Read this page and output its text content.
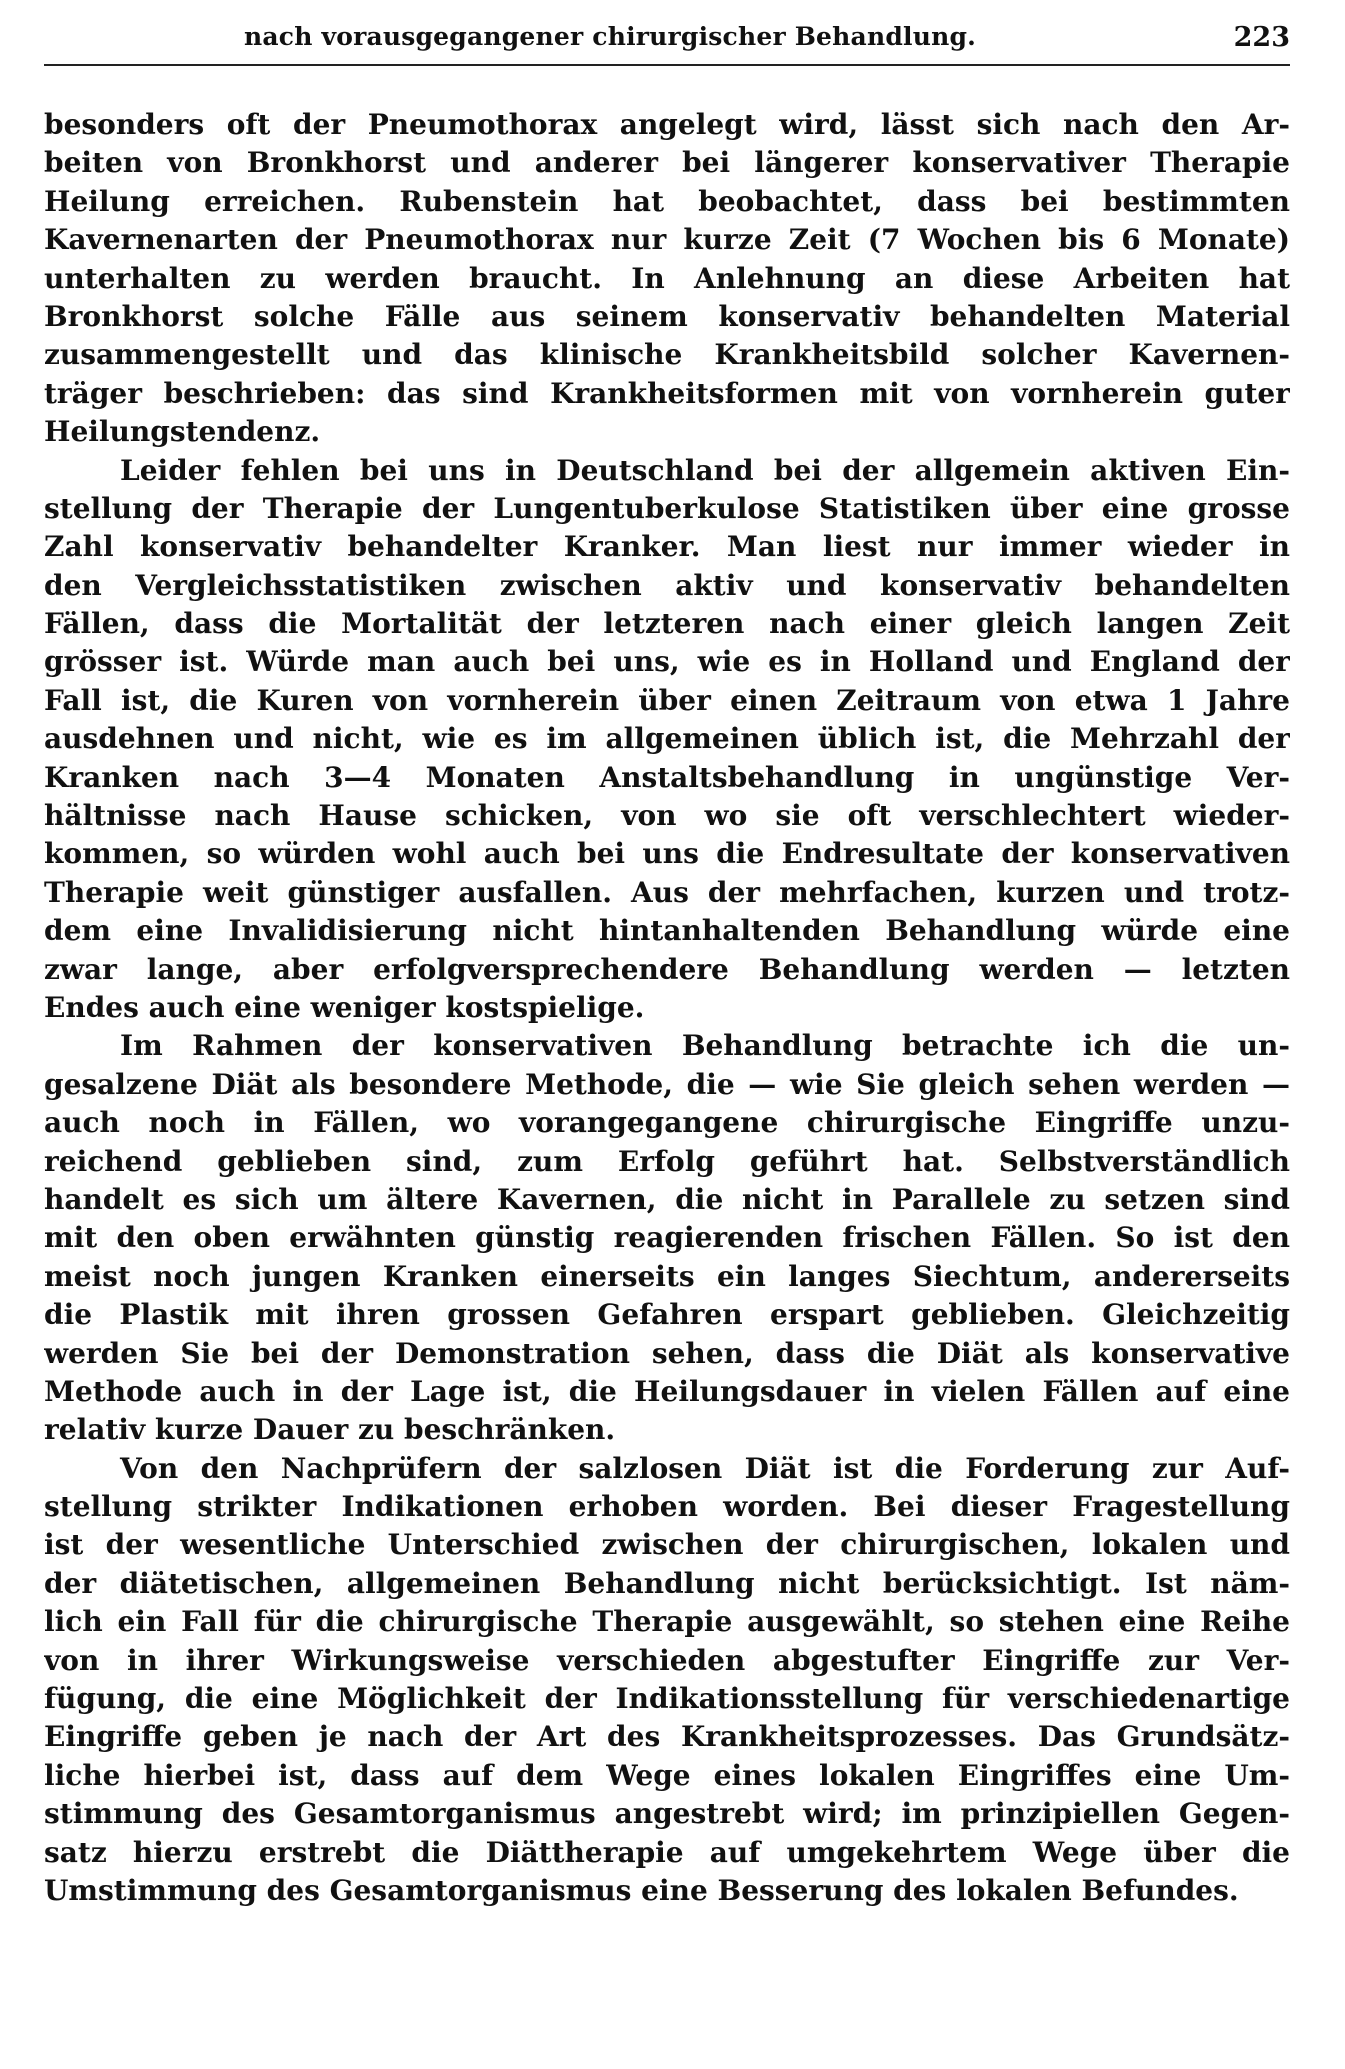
nach vorausgegangener chirurgischer Behandlung.	223
besonders oft der Pneumothorax angelegt wird, lässt sich nach den Ar-
beiten von Bronkhorst und anderer bei längerer konservativer Therapie
Heilung erreichen. Rubenstein hat beobachtet, dass bei bestimmten
Kavernenarten der Pneumothorax nur kurze Zeit (7 Wochen bis 6 Monate)
unterhalten zu werden braucht. In Anlehnung an diese Arbeiten hat
Bronkhorst solche Fälle aus seinem konservativ behandelten Material
zusammengestellt und das klinische Krankheitsbild solcher Kavernen-
träger beschrieben: das sind Krankheitsformen mit von vornherein guter
Heilungstendenz.
Leider fehlen bei uns in Deutschland bei der allgemein aktiven Ein-
stellung der Therapie der Lungentuberkulose Statistiken über eine grosse
Zahl konservativ behandelter Kranker. Man liest nur immer wieder in
den Vergleichsstatistiken zwischen aktiv und konservativ behandelten
Fällen, dass die Mortalität der letzteren nach einer gleich langen Zeit
grösser ist. Würde man auch bei uns, wie es in Holland und England der
Fall ist, die Kuren von vornherein über einen Zeitraum von etwa 1 Jahre
ausdehnen und nicht, wie es im allgemeinen üblich ist, die Mehrzahl der
Kranken nach 3—4 Monaten Anstaltsbehandlung in ungünstige Ver-
hältnisse nach Hause schicken, von wo sie oft verschlechtert wieder-
kommen, so würden wohl auch bei uns die Endresultate der konservativen
Therapie weit günstiger ausfallen. Aus der mehrfachen, kurzen und trotz-
dem eine Invalidisierung nicht hintanhaltenden Behandlung würde eine
zwar lange, aber erfolgversprechendere Behandlung werden — letzten
Endes auch eine weniger kostspielige.
Im Rahmen der konservativen Behandlung betrachte ich die un-
gesalzene Diät als besondere Methode, die — wie Sie gleich sehen werden —
auch noch in Fällen, wo vorangegangene chirurgische Eingriffe unzu-
reichend geblieben sind, zum Erfolg geführt hat. Selbstverständlich
handelt es sich um ältere Kavernen, die nicht in Parallele zu setzen sind
mit den oben erwähnten günstig reagierenden frischen Fällen. So ist den
meist noch jungen Kranken einerseits ein langes Siechtum, andererseits
die Plastik mit ihren grossen Gefahren erspart geblieben. Gleichzeitig
werden Sie bei der Demonstration sehen, dass die Diät als konservative
Methode auch in der Lage ist, die Heilungsdauer in vielen Fällen auf eine
relativ kurze Dauer zu beschränken.
Von den Nachprüfern der salzlosen Diät ist die Forderung zur Auf-
stellung strikter Indikationen erhoben worden. Bei dieser Fragestellung
ist der wesentliche Unterschied zwischen der chirurgischen, lokalen und
der diätetischen, allgemeinen Behandlung nicht berücksichtigt. Ist näm-
lich ein Fall für die chirurgische Therapie ausgewählt, so stehen eine Reihe
von in ihrer Wirkungsweise verschieden abgestufter Eingriffe zur Ver-
fügung, die eine Möglichkeit der Indikationsstellung für verschiedenartige
Eingriffe geben je nach der Art des Krankheitsprozesses. Das Grundsätz-
liche hierbei ist, dass auf dem Wege eines lokalen Eingriffes eine Um-
stimmung des Gesamtorganismus angestrebt wird; im prinzipiellen Gegen-
satz hierzu erstrebt die Diättherapie auf umgekehrtem Wege über die
Umstimmung des Gesamtorganismus eine Besserung des lokalen Befundes.
